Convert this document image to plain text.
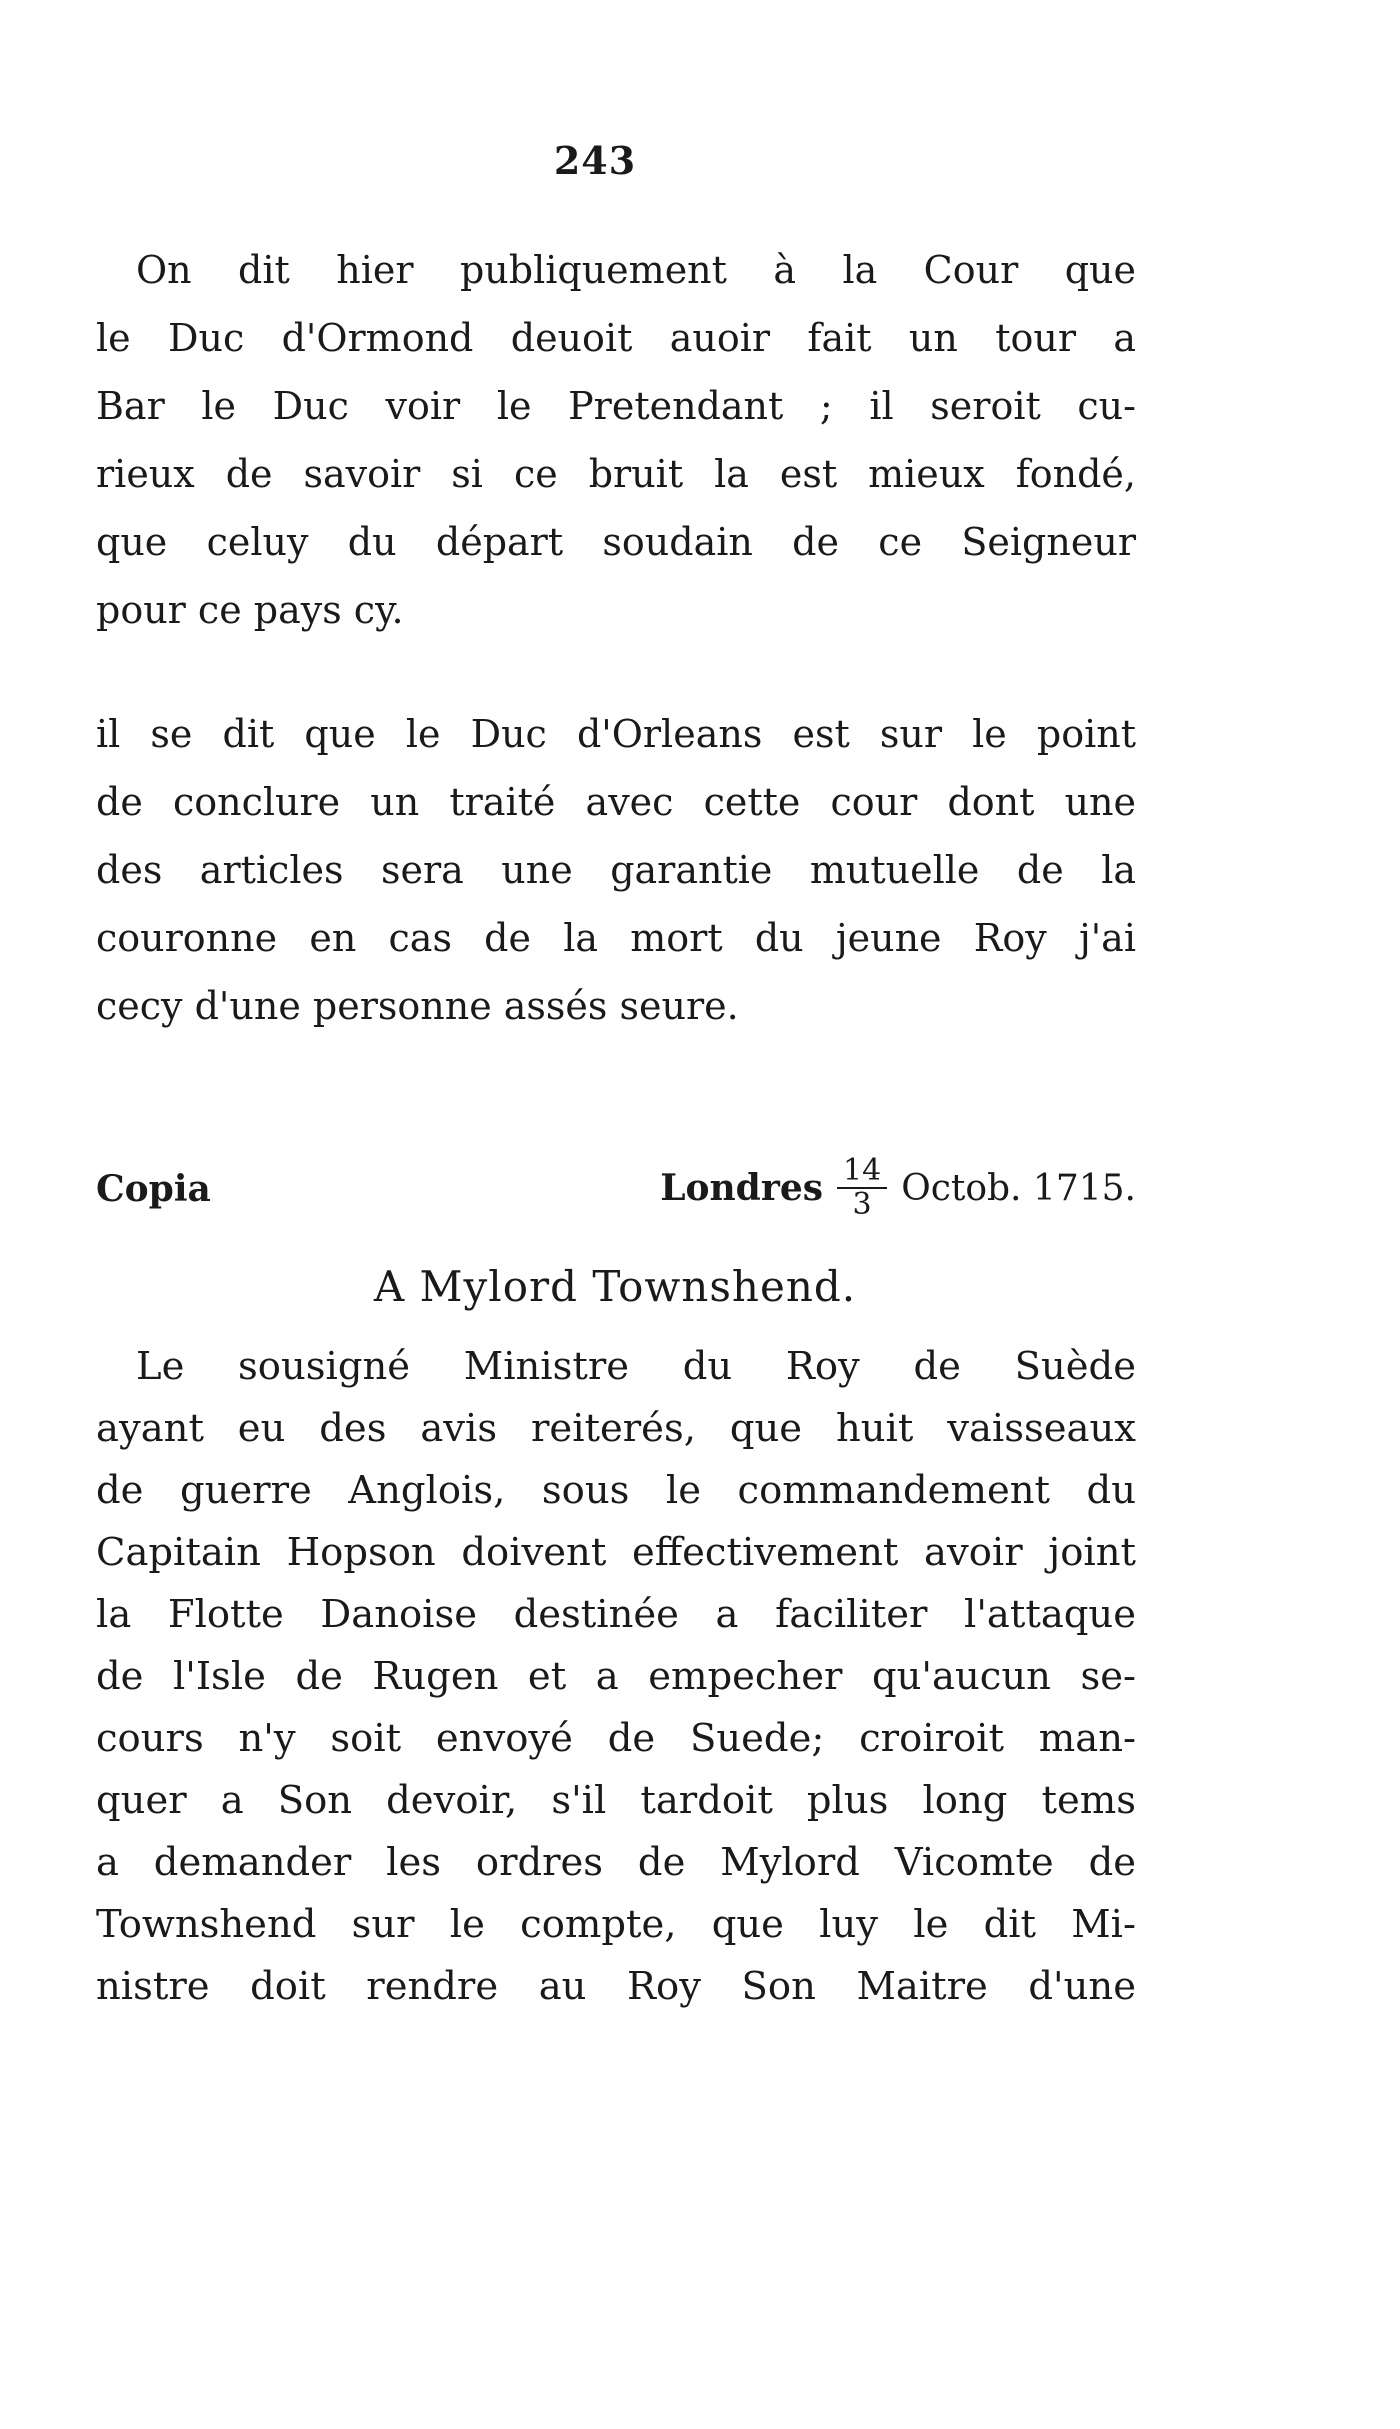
243
On dit hier publiquement à la Cour que
le Duc d'Ormond deuoit auoir fait un tour a
Bar le Duc voir le Pretendant ; il seroit cu-
rieux de savoir si ce bruit la est mieux fondé,
que celuy du départ soudain de ce Seigneur
pour ce pays cy.
il se dit que le Duc d'Orleans est sur le point
de conclure un traité avec cette cour dont une
des articles sera une garantie mutuelle de la
couronne en cas de la mort du jeune Roy j'ai
cecy d'une personne assés seure.
Copia	Londres $\frac{14}{3}$ Octob. 1715.
A Mylord Townshend.
Le sousigné Ministre du Roy de Suède
ayant eu des avis reiterés, que huit vaisseaux
de guerre Anglois, sous le commandement du
Capitain Hopson doivent effectivement avoir joint
la Flotte Danoise destinée a faciliter l'attaque
de l'Isle de Rugen et a empecher qu'aucun se-
cours n'y soit envoyé de Suede; croiroit man-
quer a Son devoir, s'il tardoit plus long tems
a demander les ordres de Mylord Vicomte de
Townshend sur le compte, que luy le dit Mi-
nistre doit rendre au Roy Son Maitre d'une
